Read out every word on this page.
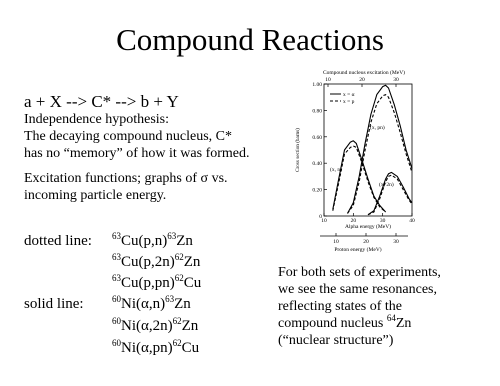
Compound Reactions
a + X --> C* --> b + Y
Independence hypothesis:
The decaying compound nucleus, C*
has no “memory” of how it was formed.
Excitation functions; graphs of σ vs.
incoming particle energy.
dotted line: $^{63}Cu(p,n)^{63}Zn$
$^{63}Cu(p,2n)^{62}Zn$
$^{63}Cu(p,pn)^{62}Cu$
solid line:	$^{60}Ni(\alpha,n)^{63}Zn$
$^{60}Ni(\alpha,2n)^{62}Zn$
$^{60}Ni(\alpha,pn)^{62}Cu$
For both sets of experiments,
we see the same resonances,
reflecting states of the
compound nucleus $^{64}$Zn
(“nuclear structure”)
Compound nucleus excitation (MeV)
10	20	30
1.00
0.80
0.60
0.40
0.20
0
10	20	30	40
10	20	30
Cross section (barns)
Alpha energy (MeV)
Proton energy (MeV)
x = α
x = p
(x, n)
(x, pn)
(x, 2n)
